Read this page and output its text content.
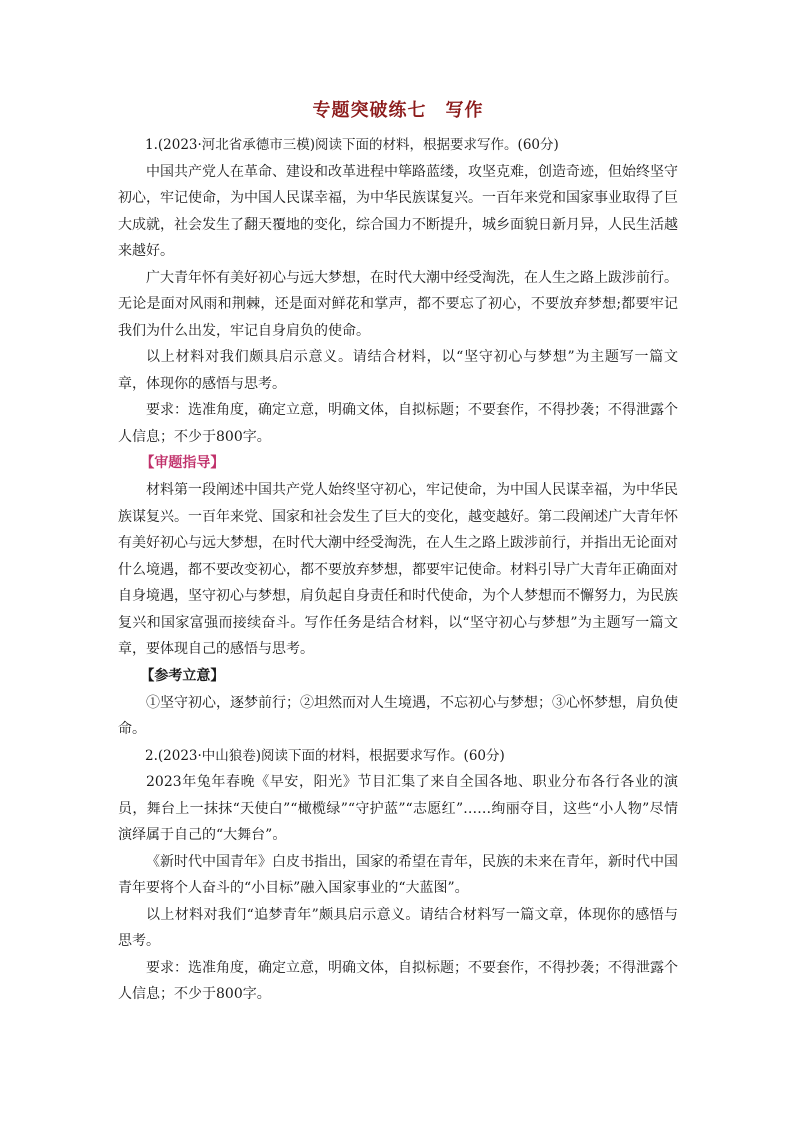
专题突破练七　写作

1.(2023·河北省承德市三模)阅读下面的材料，根据要求写作。(60分)

中国共产党人在革命、建设和改革进程中筚路蓝缕，攻坚克难，创造奇迹，但始终坚守初心，牢记使命，为中国人民谋幸福，为中华民族谋复兴。一百年来党和国家事业取得了巨大成就，社会发生了翻天覆地的变化，综合国力不断提升，城乡面貌日新月异，人民生活越来越好。

广大青年怀有美好初心与远大梦想，在时代大潮中经受淘洗，在人生之路上跋涉前行。无论是面对风雨和荆棘，还是面对鲜花和掌声，都不要忘了初心，不要放弃梦想;都要牢记我们为什么出发，牢记自身肩负的使命。

以上材料对我们颇具启示意义。请结合材料，以“坚守初心与梦想”为主题写一篇文章，体现你的感悟与思考。

要求：选准角度，确定立意，明确文体，自拟标题；不要套作，不得抄袭；不得泄露个人信息；不少于800字。

【审题指导】

材料第一段阐述中国共产党人始终坚守初心，牢记使命，为中国人民谋幸福，为中华民族谋复兴。一百年来党、国家和社会发生了巨大的变化，越变越好。第二段阐述广大青年怀有美好初心与远大梦想，在时代大潮中经受淘洗，在人生之路上跋涉前行，并指出无论面对什么境遇，都不要改变初心，都不要放弃梦想，都要牢记使命。材料引导广大青年正确面对自身境遇，坚守初心与梦想，肩负起自身责任和时代使命，为个人梦想而不懈努力，为民族复兴和国家富强而接续奋斗。写作任务是结合材料，以“坚守初心与梦想”为主题写一篇文章，要体现自己的感悟与思考。

【参考立意】

①坚守初心，逐梦前行；②坦然而对人生境遇，不忘初心与梦想；③心怀梦想，肩负使命。

2.(2023·中山狼卷)阅读下面的材料，根据要求写作。(60分)

2023年兔年春晚《早安，阳光》节目汇集了来自全国各地、职业分布各行各业的演员，舞台上一抹抹“天使白”“橄榄绿”“守护蓝”“志愿红”……绚丽夺目，这些“小人物”尽情演绎属于自己的“大舞台”。

《新时代中国青年》白皮书指出，国家的希望在青年，民族的未来在青年，新时代中国青年要将个人奋斗的“小目标”融入国家事业的“大蓝图”。

以上材料对我们“追梦青年”颇具启示意义。请结合材料写一篇文章，体现你的感悟与思考。

要求：选准角度，确定立意，明确文体，自拟标题；不要套作，不得抄袭；不得泄露个人信息；不少于800字。
